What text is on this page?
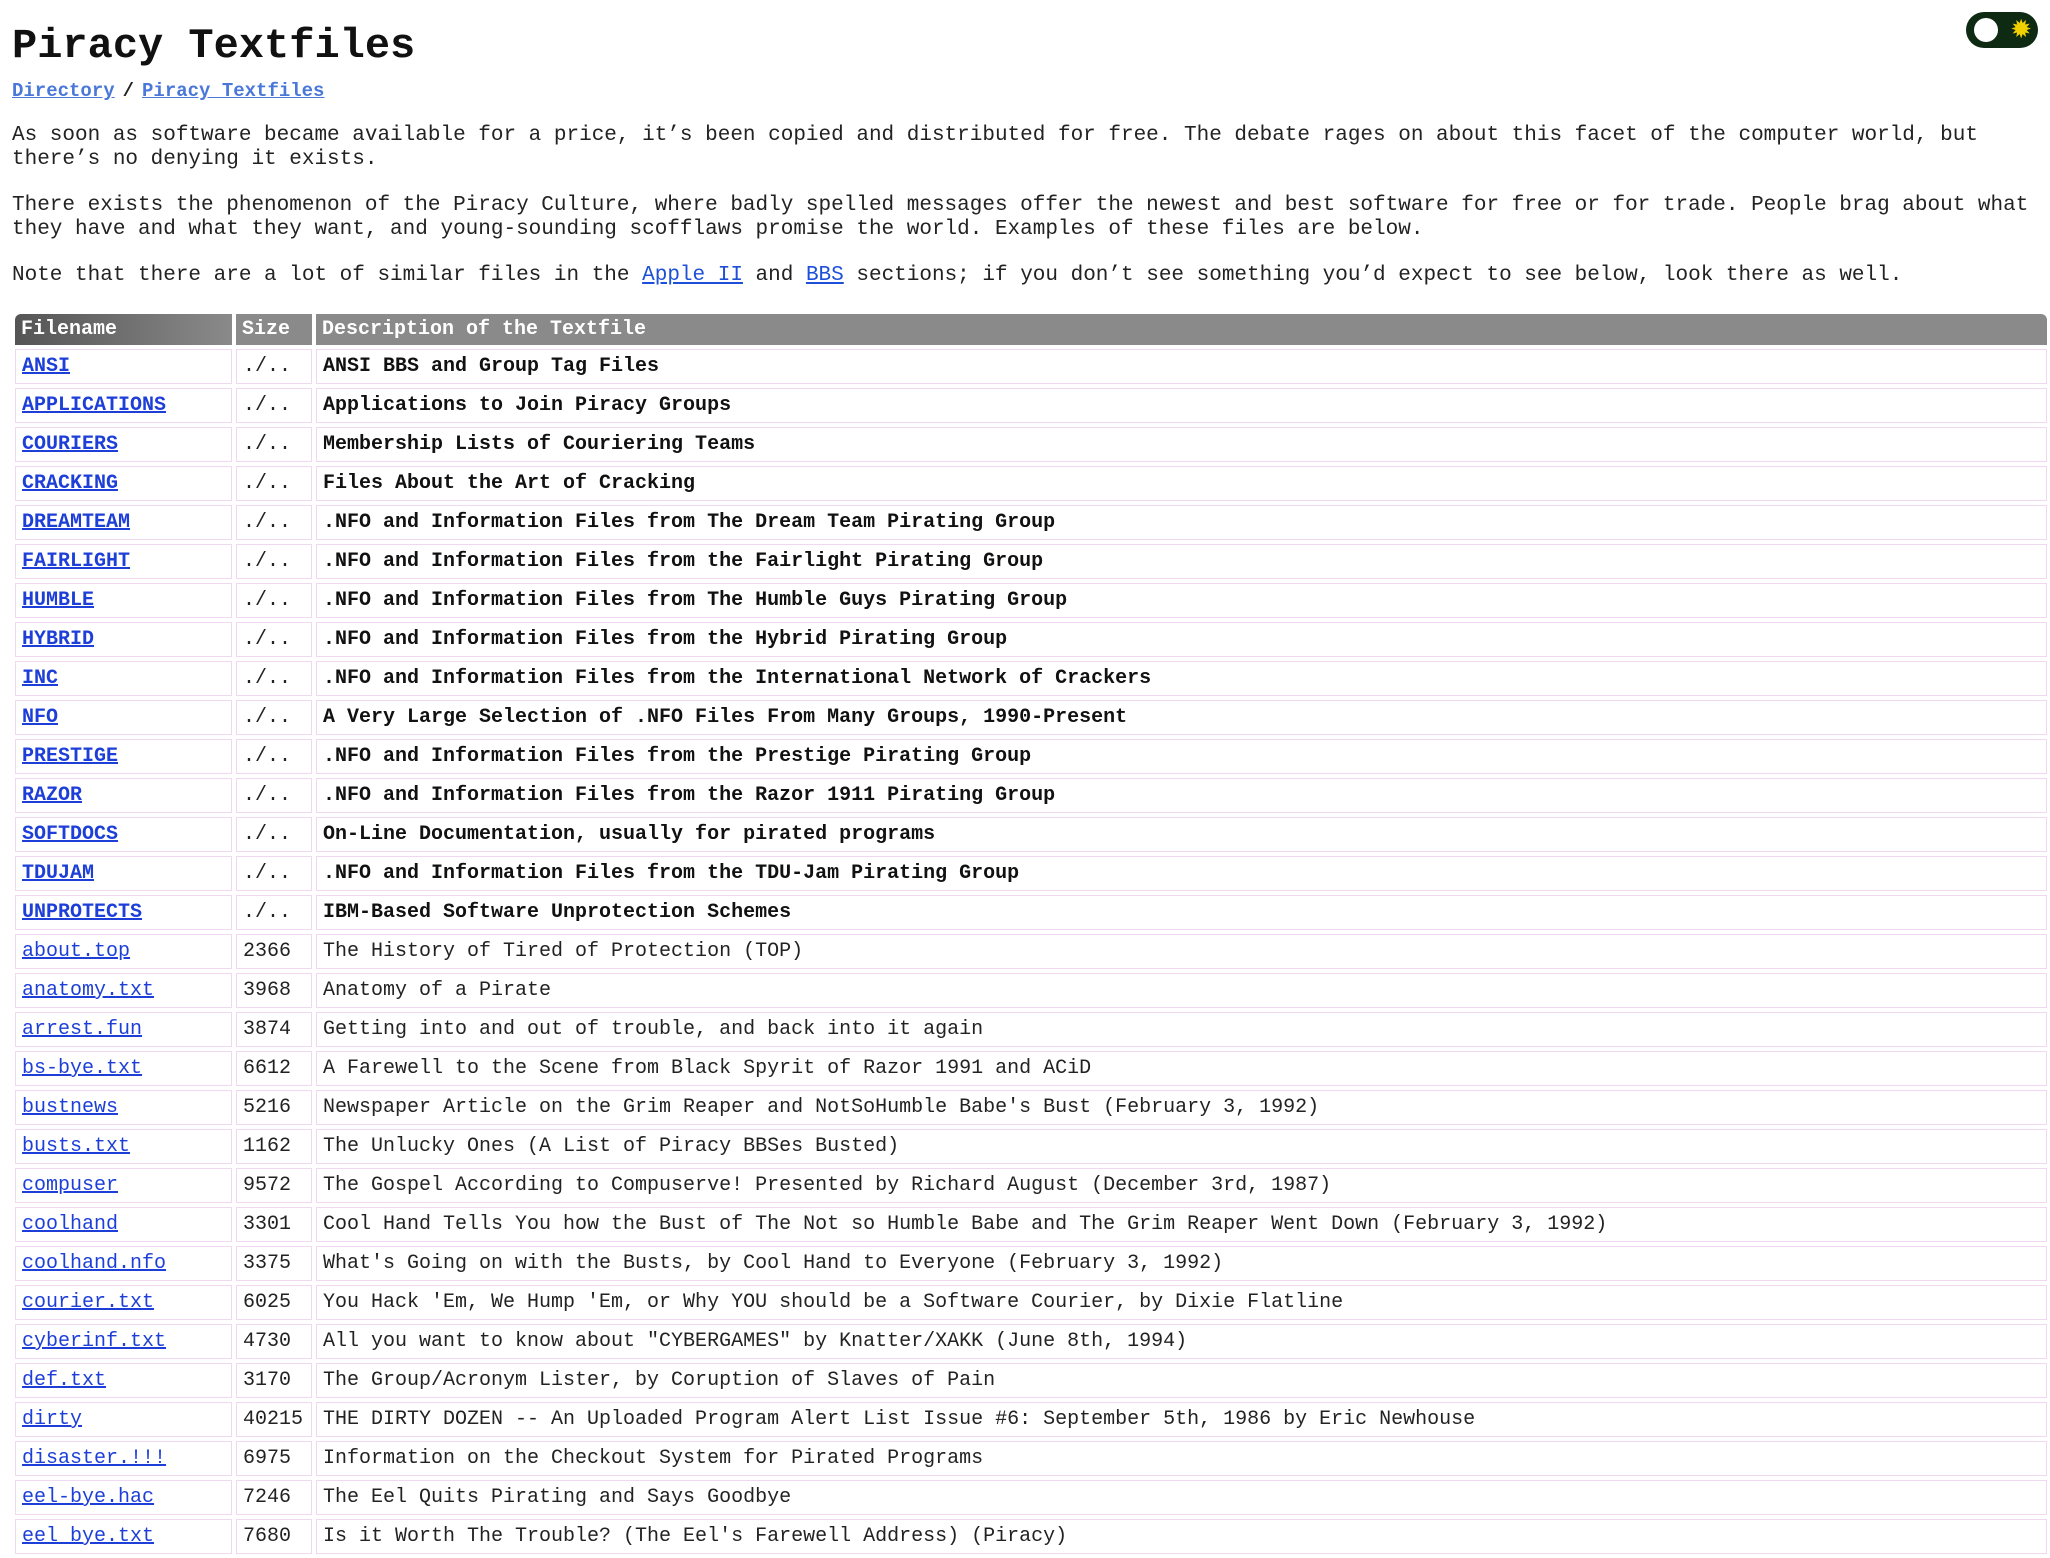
✹
Piracy Textfiles
Directory / Piracy Textfiles

As soon as software became available for a price, it’s been copied and distributed for free. The debate rages on about this facet of the computer world, but there’s no denying it exists.

There exists the phenomenon of the Piracy Culture, where badly spelled messages offer the newest and best software for free or for trade. People brag about what they have and what they want, and young-sounding scofflaws promise the world. Examples of these files are below.

Note that there are a lot of similar files in the Apple II and BBS sections; if you don’t see something you’d expect to see below, look there as well.

Filename	Size	Description of the Textfile
ANSI	./..	ANSI BBS and Group Tag Files
APPLICATIONS	./..	Applications to Join Piracy Groups
COURIERS	./..	Membership Lists of Couriering Teams
CRACKING	./..	Files About the Art of Cracking
DREAMTEAM	./..	.NFO and Information Files from The Dream Team Pirating Group
FAIRLIGHT	./..	.NFO and Information Files from the Fairlight Pirating Group
HUMBLE	./..	.NFO and Information Files from The Humble Guys Pirating Group
HYBRID	./..	.NFO and Information Files from the Hybrid Pirating Group
INC	./..	.NFO and Information Files from the International Network of Crackers
NFO	./..	A Very Large Selection of .NFO Files From Many Groups, 1990-Present
PRESTIGE	./..	.NFO and Information Files from the Prestige Pirating Group
RAZOR	./..	.NFO and Information Files from the Razor 1911 Pirating Group
SOFTDOCS	./..	On-Line Documentation, usually for pirated programs
TDUJAM	./..	.NFO and Information Files from the TDU-Jam Pirating Group
UNPROTECTS	./..	IBM-Based Software Unprotection Schemes
about.top	2366	The History of Tired of Protection (TOP)
anatomy.txt	3968	Anatomy of a Pirate
arrest.fun	3874	Getting into and out of trouble, and back into it again
bs-bye.txt	6612	A Farewell to the Scene from Black Spyrit of Razor 1991 and ACiD
bustnews	5216	Newspaper Article on the Grim Reaper and NotSoHumble Babe's Bust (February 3, 1992)
busts.txt	1162	The Unlucky Ones (A List of Piracy BBSes Busted)
compuser	9572	The Gospel According to Compuserve! Presented by Richard August (December 3rd, 1987)
coolhand	3301	Cool Hand Tells You how the Bust of The Not so Humble Babe and The Grim Reaper Went Down (February 3, 1992)
coolhand.nfo	3375	What's Going on with the Busts, by Cool Hand to Everyone (February 3, 1992)
courier.txt	6025	You Hack 'Em, We Hump 'Em, or Why YOU should be a Software Courier, by Dixie Flatline
cyberinf.txt	4730	All you want to know about "CYBERGAMES" by Knatter/XAKK (June 8th, 1994)
def.txt	3170	The Group/Acronym Lister, by Coruption of Slaves of Pain
dirty	40215	THE DIRTY DOZEN -- An Uploaded Program Alert List Issue #6: September 5th, 1986 by Eric Newhouse
disaster.!!!	6975	Information on the Checkout System for Pirated Programs
eel-bye.hac	7246	The Eel Quits Pirating and Says Goodbye
eel_bye.txt	7680	Is it Worth The Trouble? (The Eel's Farewell Address) (Piracy)
